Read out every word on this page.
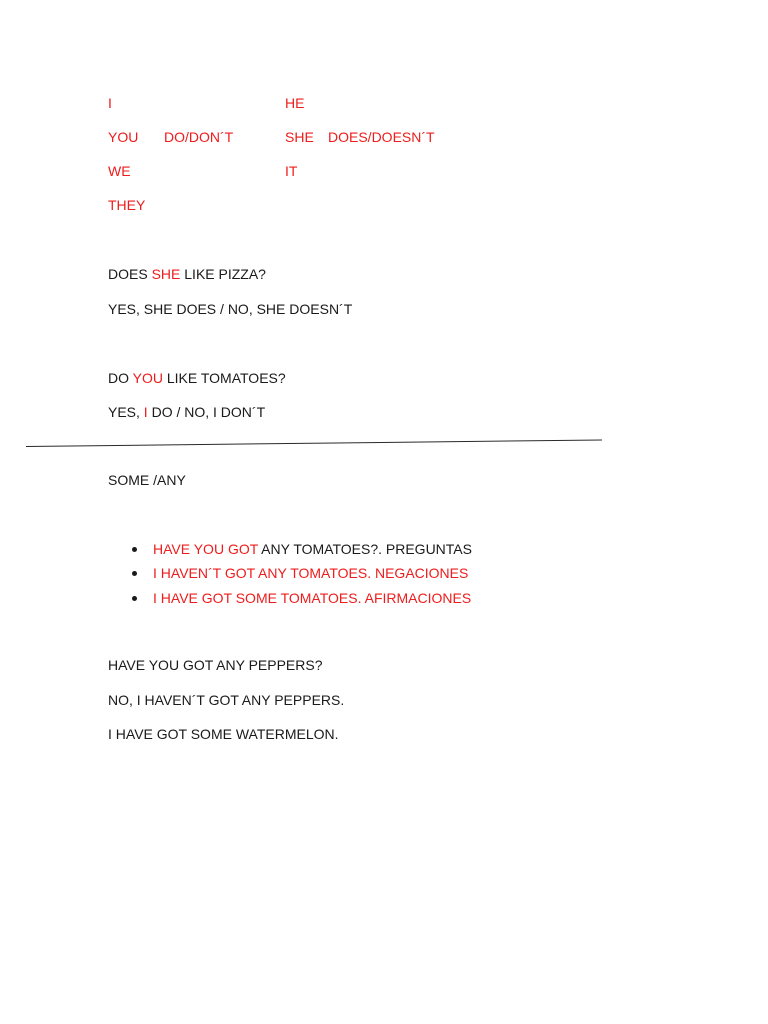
I
YOU DO/DON´T
WE
THEY
HE
SHE DOES/DOESN´T
IT
DOES SHE LIKE PIZZA?
YES, SHE DOES / NO, SHE DOESN´T
DO YOU LIKE TOMATOES?
YES, I DO / NO, I DON´T
SOME /ANY
HAVE YOU GOT ANY TOMATOES?. PREGUNTAS
I HAVEN´T GOT ANY TOMATOES. NEGACIONES
I HAVE GOT SOME TOMATOES. AFIRMACIONES
HAVE YOU GOT ANY PEPPERS?
NO, I HAVEN´T GOT ANY PEPPERS.
I HAVE GOT SOME WATERMELON.
